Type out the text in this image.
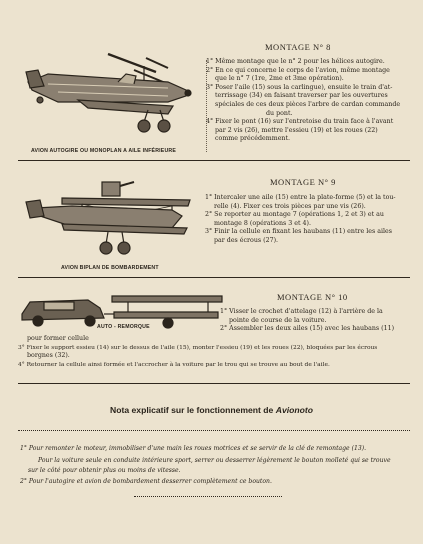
AVION AUTOGIRE OU MONOPLAN A AILE INFÉRIEURE
MONTAGE N° 8
1° Même montage que le n° 2 pour les hélices autogire.
2° En ce qui concerne le corps de l'avion, même montage
que le n° 7 (1re, 2me et 3me opération).
3° Poser l'aile (15) sous la carlingue), ensuite le train d'at-
terrissage (34) en faisant traverser par les ouvertures
spéciales de ces deux pièces l'arbre de cardan commande
du pont.
4° Fixer le pont (16) sur l'entretoise du train face à l'avant
par 2 vis (26), mettre l'essieu (19) et les roues (22)
comme précédemment.
AVION BIPLAN DE BOMBARDEMENT
MONTAGE N° 9
1° Intercaler une aile (15) entre la plate-forme (5) et la tou-
relle (4). Fixer ces trois pièces par une vis (26).
2° Se reporter au montage 7 (opérations 1, 2 et 3) et au
montage 8 (opérations 3 et 4).
3° Finir la cellule en fixant les haubans (11) entre les ailes
par des écrous (27).
AUTO - REMORQUE
MONTAGE N° 10
1° Visser le crochet d'attelage (12) à l'arrière de la
pointe de course de la voiture.
2° Assembler les deux ailes (15) avec les haubans (11)
pour former cellule
3° Fixer le support essieu (14) sur le dessus de l'aile (15), monter l'essieu (19) et les roues (22), bloquées par les écrous
borgnes (32).
4° Retourner la cellule ainsi formée et l'accrocher à la voiture par le trou qui se trouve au bout de l'aile.
Nota explicatif sur le fonctionnement de Avionoto
1° Pour remonter le moteur, immobiliser d'une main les roues motrices et se servir de la clé de remontage (13).
Pour la voiture seule en conduite intérieure sport, serrer ou desserrer légèrement le bouton molleté qui se trouve
sur le côté pour obtenir plus ou moins de vitesse.
2° Pour l'autogire et avion de bombardement desserrer complètement ce bouton.
